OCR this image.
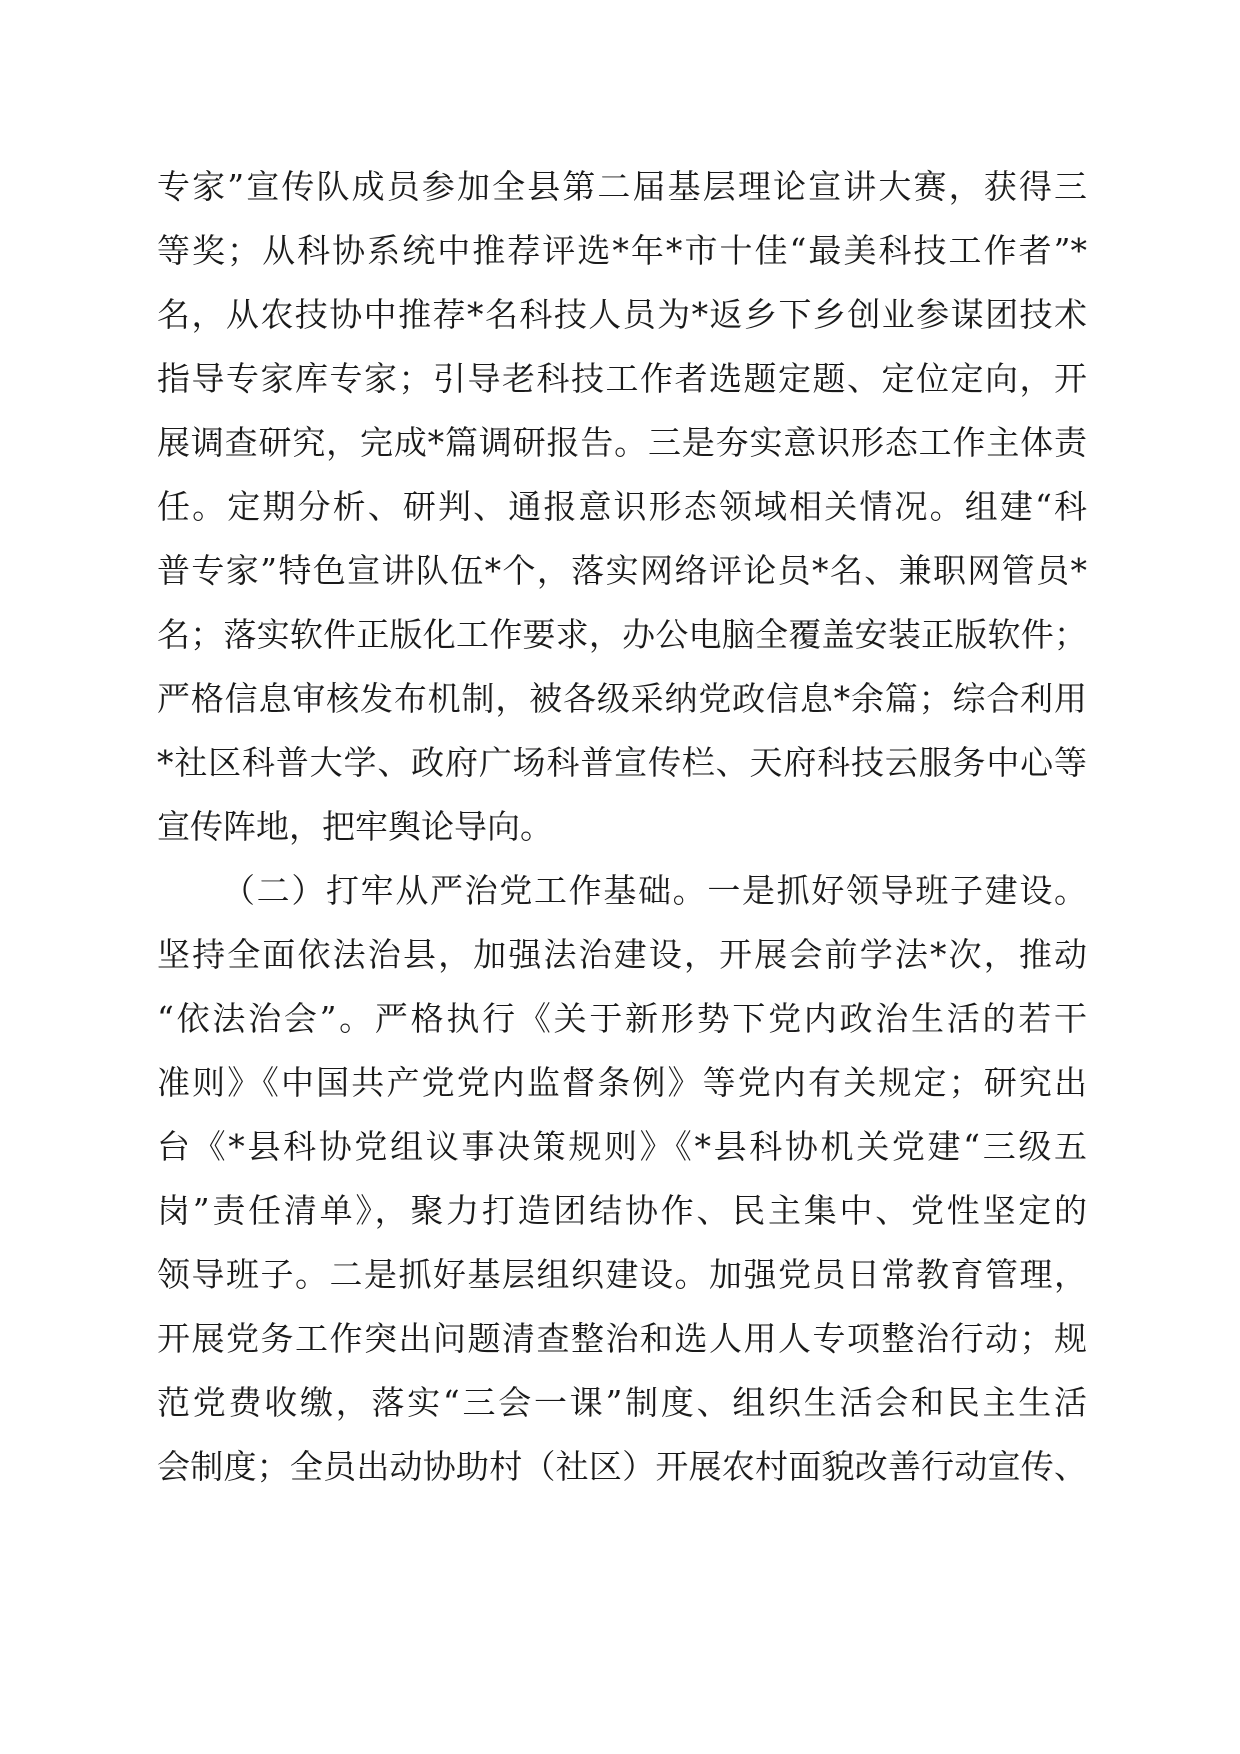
专家”宣传队成员参加全县第二届基层理论宣讲大赛，获得三
等奖；从科协系统中推荐评选*年*市十佳“最美科技工作者”*
名，从农技协中推荐*名科技人员为*返乡下乡创业参谋团技术
指导专家库专家；引导老科技工作者选题定题、定位定向，开
展调查研究，完成*篇调研报告。三是夯实意识形态工作主体责
任。定期分析、研判、通报意识形态领域相关情况。组建“科
普专家”特色宣讲队伍*个，落实网络评论员*名、兼职网管员*
名；落实软件正版化工作要求，办公电脑全覆盖安装正版软件；
严格信息审核发布机制，被各级采纳党政信息*余篇；综合利用
*社区科普大学、政府广场科普宣传栏、天府科技云服务中心等
宣传阵地，把牢舆论导向。
（二）打牢从严治党工作基础。一是抓好领导班子建设。
坚持全面依法治县，加强法治建设，开展会前学法*次，推动
“依法治会”。严格执行《关于新形势下党内政治生活的若干
准则》《中国共产党党内监督条例》等党内有关规定；研究出
台《*县科协党组议事决策规则》《*县科协机关党建“三级五
岗”责任清单》，聚力打造团结协作、民主集中、党性坚定的
领导班子。二是抓好基层组织建设。加强党员日常教育管理，
开展党务工作突出问题清查整治和选人用人专项整治行动；规
范党费收缴，落实“三会一课”制度、组织生活会和民主生活
会制度；全员出动协助村（社区）开展农村面貌改善行动宣传、
